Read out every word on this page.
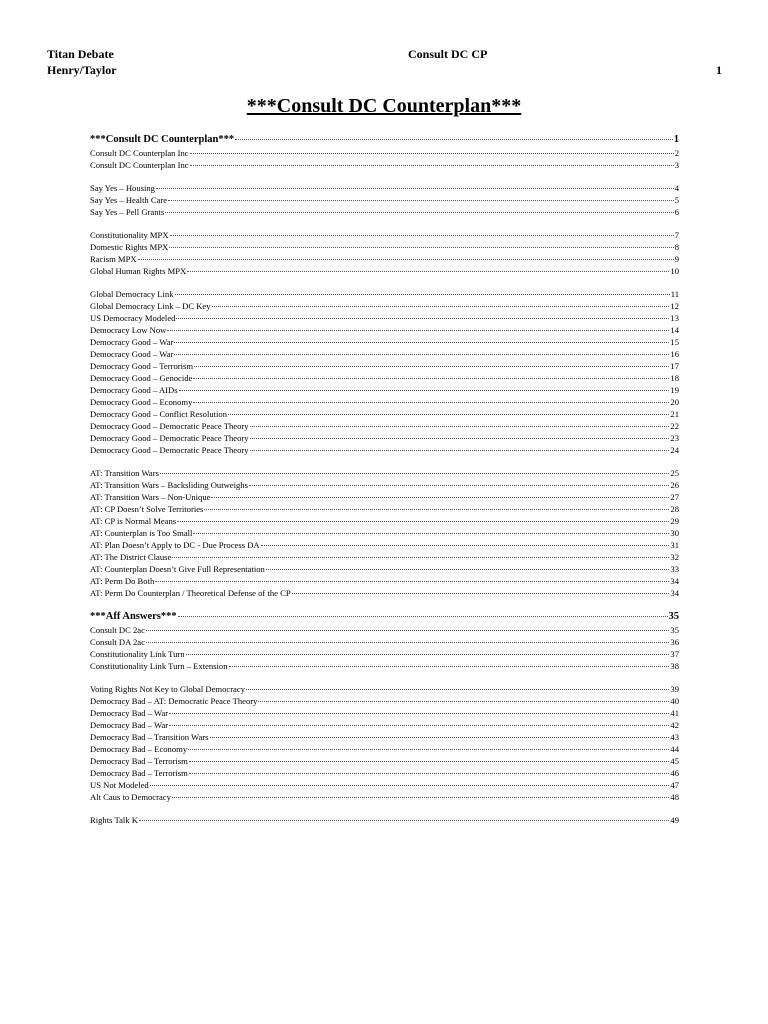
Titan Debate
Henry/Taylor
Consult DC CP
1
***Consult DC Counterplan***
***Consult DC Counterplan***	1
Consult DC Counterplan Inc	2
Consult DC Counterplan Inc	3
Say Yes – Housing	4
Say Yes – Health Care	5
Say Yes – Pell Grants	6
Constitutionality MPX	7
Domestic Rights MPX	8
Racism MPX	9
Global Human Rights MPX	10
Global Democracy Link	11
Global Democracy Link – DC Key	12
US Democracy Modeled	13
Democracy Low Now	14
Democracy Good – War	15
Democracy Good – War	16
Democracy Good – Terrorism	17
Democracy Good – Genocide	18
Democracy Good – AIDs	19
Democracy Good – Economy	20
Democracy Good – Conflict Resolution	21
Democracy Good – Democratic Peace Theory	22
Democracy Good – Democratic Peace Theory	23
Democracy Good – Democratic Peace Theory	24
AT: Transition Wars	25
AT: Transition Wars – Backsliding Outweighs	26
AT: Transition Wars – Non-Unique	27
AT: CP Doesn’t Solve Territories	28
AT: CP is Normal Means	29
AT: Counterplan is Too Small	30
AT: Plan Doesn’t Apply to DC - Due Process DA	31
AT: The District Clause	32
AT: Counterplan Doesn’t Give Full Representation	33
AT: Perm Do Both	34
AT: Perm Do Counterplan / Theoretical Defense of the CP	34
***Aff Answers***	35
Consult DC 2ac	35
Consult DA 2ac	36
Constitutionality Link Turn	37
Constitutionality Link Turn – Extension	38
Voting Rights Not Key to Global Democracy	39
Democracy Bad – AT: Democratic Peace Theory	40
Democracy Bad – War	41
Democracy Bad – War	42
Democracy Bad – Transition Wars	43
Democracy Bad – Economy	44
Democracy Bad – Terrorism	45
Democracy Bad – Terrorism	46
US Not Modeled	47
Alt Caus to Democracy	48
Rights Talk K	49
